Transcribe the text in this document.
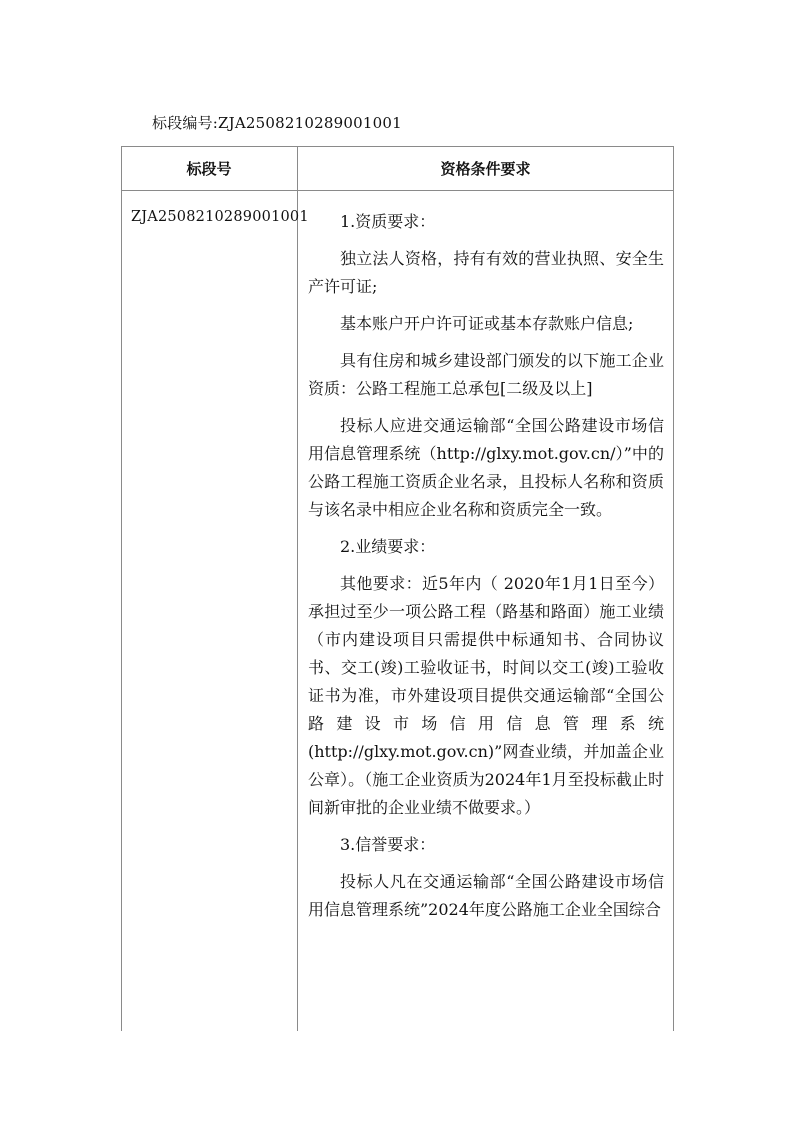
标段编号:ZJA2508210289001001
标段号	资格条件要求
ZJA2508210289001001	1.资质要求：
独立法人资格，持有有效的营业执照、安全生产许可证;
基本账户开户许可证或基本存款账户信息;
具有住房和城乡建设部门颁发的以下施工企业资质：公路工程施工总承包[二级及以上]
投标人应进交通运输部“全国公路建设市场信用信息管理系统（http://glxy.mot.gov.cn/）”中的公路工程施工资质企业名录，且投标人名称和资质与该名录中相应企业名称和资质完全一致。
2.业绩要求：
其他要求：近5年内（ 2020年1月1日至今）承担过至少一项公路工程（路基和路面）施工业绩（市内建设项目只需提供中标通知书、合同协议书、交工(竣)工验收证书，时间以交工(竣)工验收证书为准，市外建设项目提供交通运输部“全国公路建设市场信用信息管理系统(http://glxy.mot.gov.cn)”网查业绩，并加盖企业公章）。（施工企业资质为2024年1月至投标截止时间新审批的企业业绩不做要求。）
3.信誉要求：
投标人凡在交通运输部“全国公路建设市场信用信息管理系统”2024年度公路施工企业全国综合
